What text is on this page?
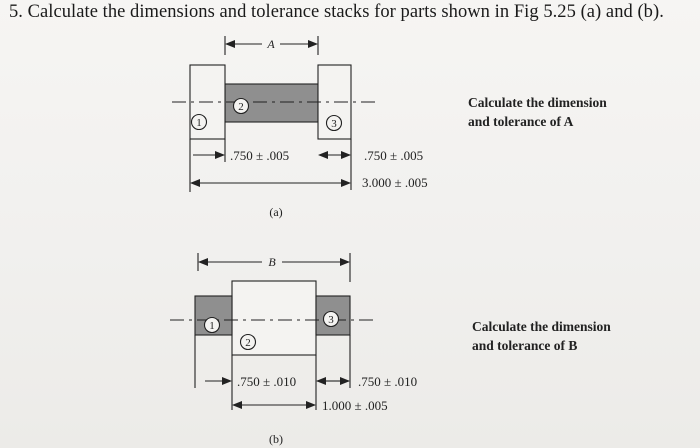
5. Calculate the dimensions and tolerance stacks for parts shown in Fig 5.25 (a) and (b).
1
2
3
A
.750 ± .005	.750 ± .005
3.000 ± .005
(a)
1
2
3
B
.750 ± .010	.750 ± .010
1.000 ± .005
(b)
Calculate the dimension
and tolerance of A
Calculate the dimension
and tolerance of B
